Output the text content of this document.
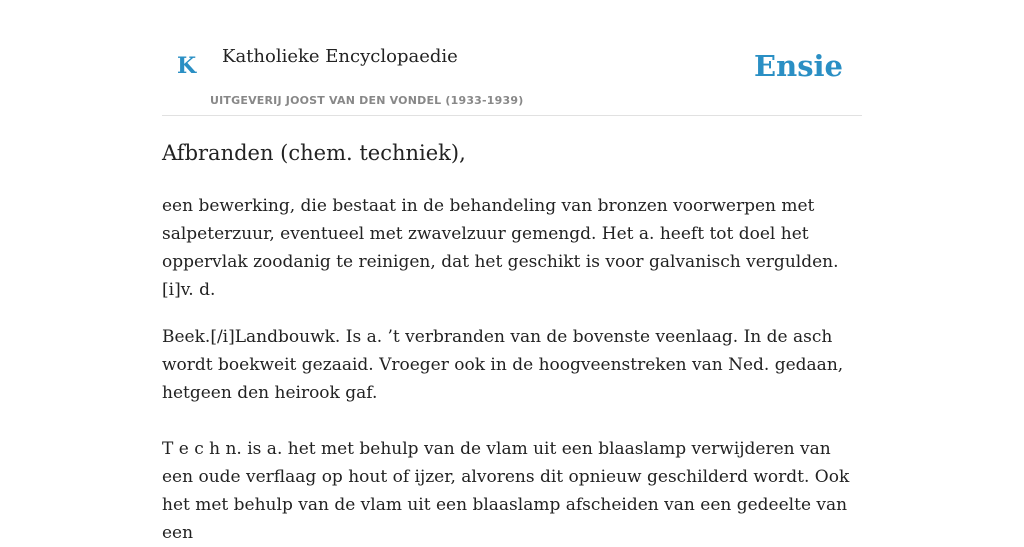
K Katholieke Encyclopaedie
UITGEVERIJ JOOST VAN DEN VONDEL (1933-1939)
Ensie
Afbranden (chem. techniek),

een bewerking, die bestaat in de behandeling van bronzen voorwerpen met salpeterzuur, eventueel met zwavelzuur gemengd. Het a. heeft tot doel het oppervlak zoodanig te reinigen, dat het geschikt is voor galvanisch vergulden. [i]v. d.

Beek.[/i]Landbouwk. Is a. ’t verbranden van de bovenste veenlaag. In de asch wordt boekweit gezaaid. Vroeger ook in de hoogveenstreken van Ned. gedaan, hetgeen den heirook gaf.

T e c h n. is a. het met behulp van de vlam uit een blaaslamp verwijderen van een oude verflaag op hout of ijzer, alvorens dit opnieuw geschilderd wordt. Ook het met behulp van de vlam uit een blaaslamp afscheiden van een gedeelte van een
